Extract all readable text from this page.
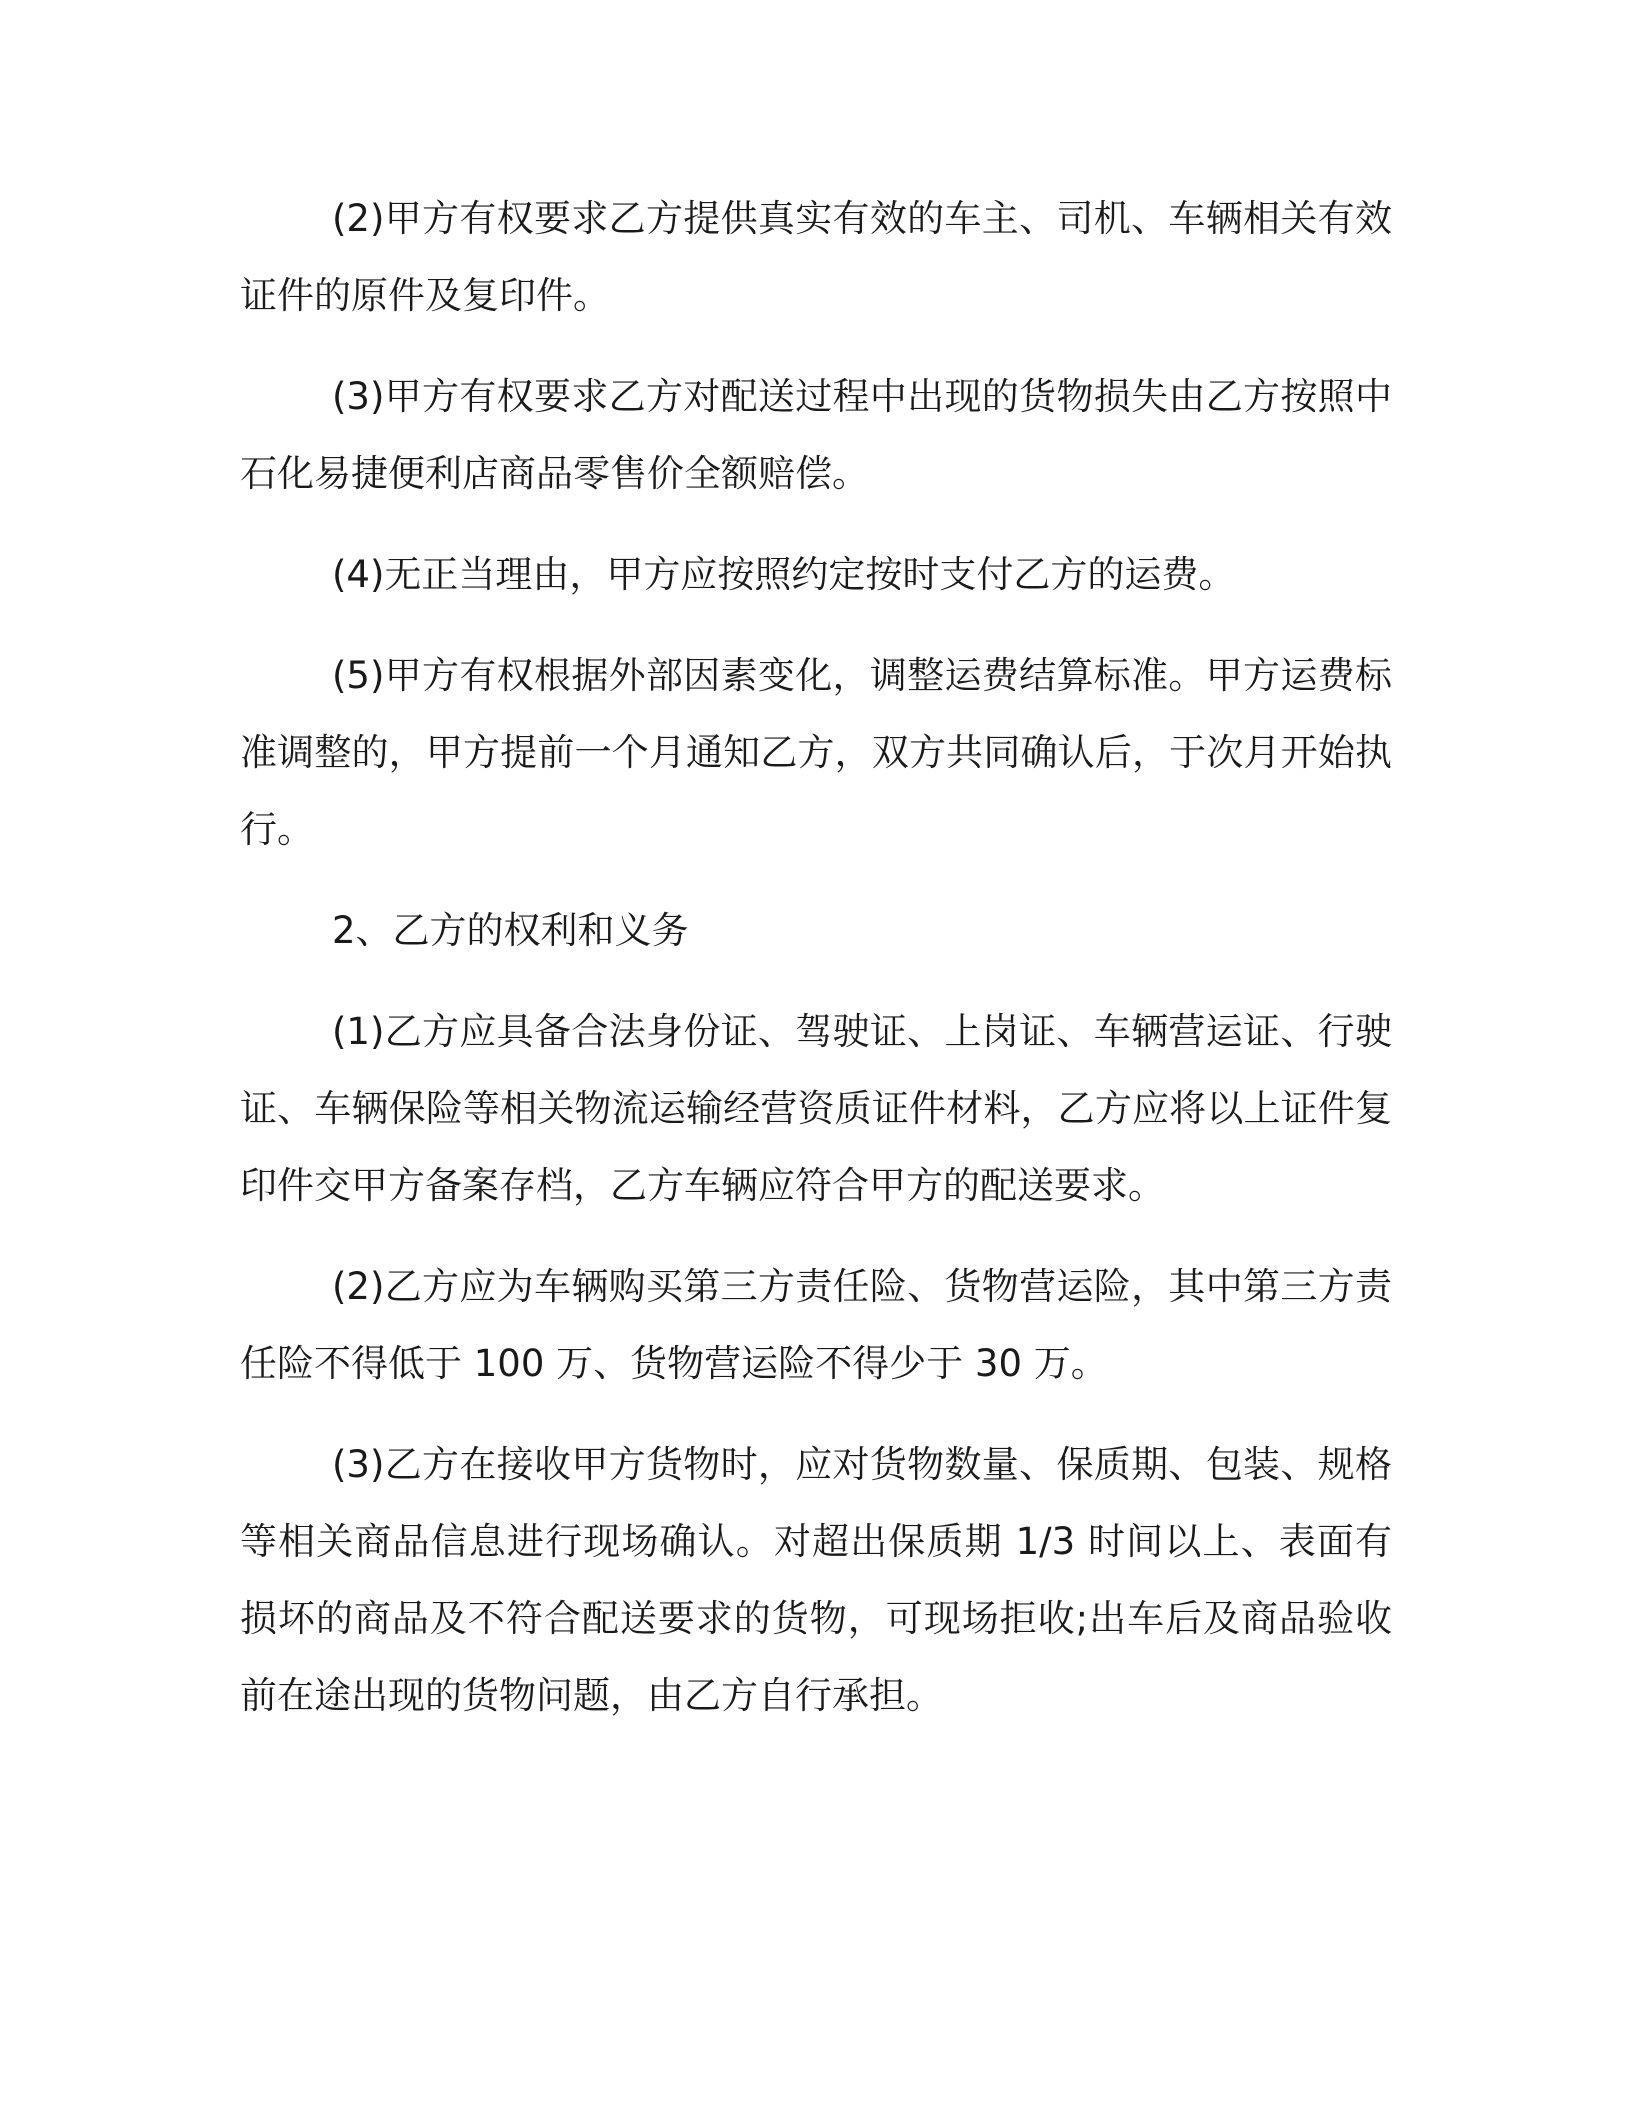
(2)甲方有权要求乙方提供真实有效的车主、司机、车辆相关有效证件的原件及复印件。

(3)甲方有权要求乙方对配送过程中出现的货物损失由乙方按照中石化易捷便利店商品零售价全额赔偿。

(4)无正当理由，甲方应按照约定按时支付乙方的运费。

(5)甲方有权根据外部因素变化，调整运费结算标准。甲方运费标准调整的，甲方提前一个月通知乙方，双方共同确认后，于次月开始执行。

2、乙方的权利和义务

(1)乙方应具备合法身份证、驾驶证、上岗证、车辆营运证、行驶证、车辆保险等相关物流运输经营资质证件材料，乙方应将以上证件复印件交甲方备案存档，乙方车辆应符合甲方的配送要求。

(2)乙方应为车辆购买第三方责任险、货物营运险，其中第三方责任险不得低于 100 万、货物营运险不得少于 30 万。

(3)乙方在接收甲方货物时，应对货物数量、保质期、包装、规格等相关商品信息进行现场确认。对超出保质期 1/3 时间以上、表面有损坏的商品及不符合配送要求的货物，可现场拒收;出车后及商品验收前在途出现的货物问题，由乙方自行承担。
